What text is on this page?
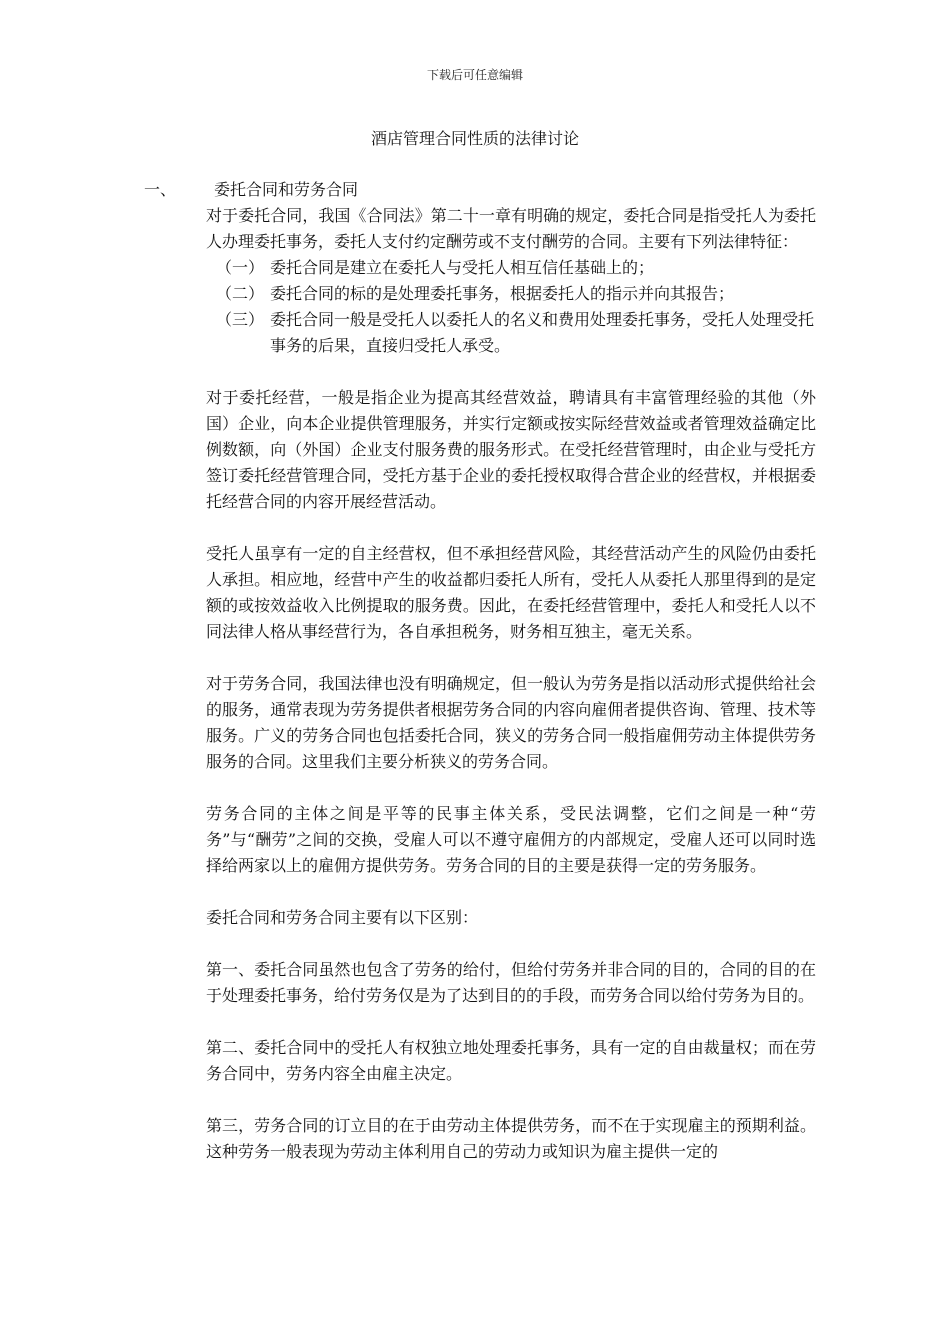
下载后可任意编辑
酒店管理合同性质的法律讨论
一、 委托合同和劳务合同

对于委托合同，我国《合同法》第二十一章有明确的规定，委托合同是指受托人为委托人办理委托事务，委托人支付约定酬劳或不支付酬劳的合同。主要有下列法律特征：

（一） 委托合同是建立在委托人与受托人相互信任基础上的；
（二） 委托合同的标的是处理委托事务，根据委托人的指示并向其报告；
（三） 委托合同一般是受托人以委托人的名义和费用处理委托事务，受托人处理受托事务的后果，直接归受托人承受。

对于委托经营，一般是指企业为提高其经营效益，聘请具有丰富管理经验的其他（外国）企业，向本企业提供管理服务，并实行定额或按实际经营效益或者管理效益确定比例数额，向（外国）企业支付服务费的服务形式。在受托经营管理时，由企业与受托方签订委托经营管理合同，受托方基于企业的委托授权取得合营企业的经营权，并根据委托经营合同的内容开展经营活动。

受托人虽享有一定的自主经营权，但不承担经营风险，其经营活动产生的风险仍由委托人承担。相应地，经营中产生的收益都归委托人所有，受托人从委托人那里得到的是定额的或按效益收入比例提取的服务费。因此，在委托经营管理中，委托人和受托人以不同法律人格从事经营行为，各自承担税务，财务相互独主，毫无关系。

对于劳务合同，我国法律也没有明确规定，但一般认为劳务是指以活动形式提供给社会的服务，通常表现为劳务提供者根据劳务合同的内容向雇佣者提供咨询、管理、技术等服务。广义的劳务合同也包括委托合同，狭义的劳务合同一般指雇佣劳动主体提供劳务服务的合同。这里我们主要分析狭义的劳务合同。

劳务合同的主体之间是平等的民事主体关系，受民法调整，它们之间是一种“劳务”与“酬劳”之间的交换，受雇人可以不遵守雇佣方的内部规定，受雇人还可以同时选择给两家以上的雇佣方提供劳务。劳务合同的目的主要是获得一定的劳务服务。

委托合同和劳务合同主要有以下区别：

第一、委托合同虽然也包含了劳务的给付，但给付劳务并非合同的目的，合同的目的在于处理委托事务，给付劳务仅是为了达到目的的手段，而劳务合同以给付劳务为目的。

第二、委托合同中的受托人有权独立地处理委托事务，具有一定的自由裁量权；而在劳务合同中，劳务内容全由雇主决定。

第三，劳务合同的订立目的在于由劳动主体提供劳务，而不在于实现雇主的预期利益。这种劳务一般表现为劳动主体利用自己的劳动力或知识为雇主提供一定的
